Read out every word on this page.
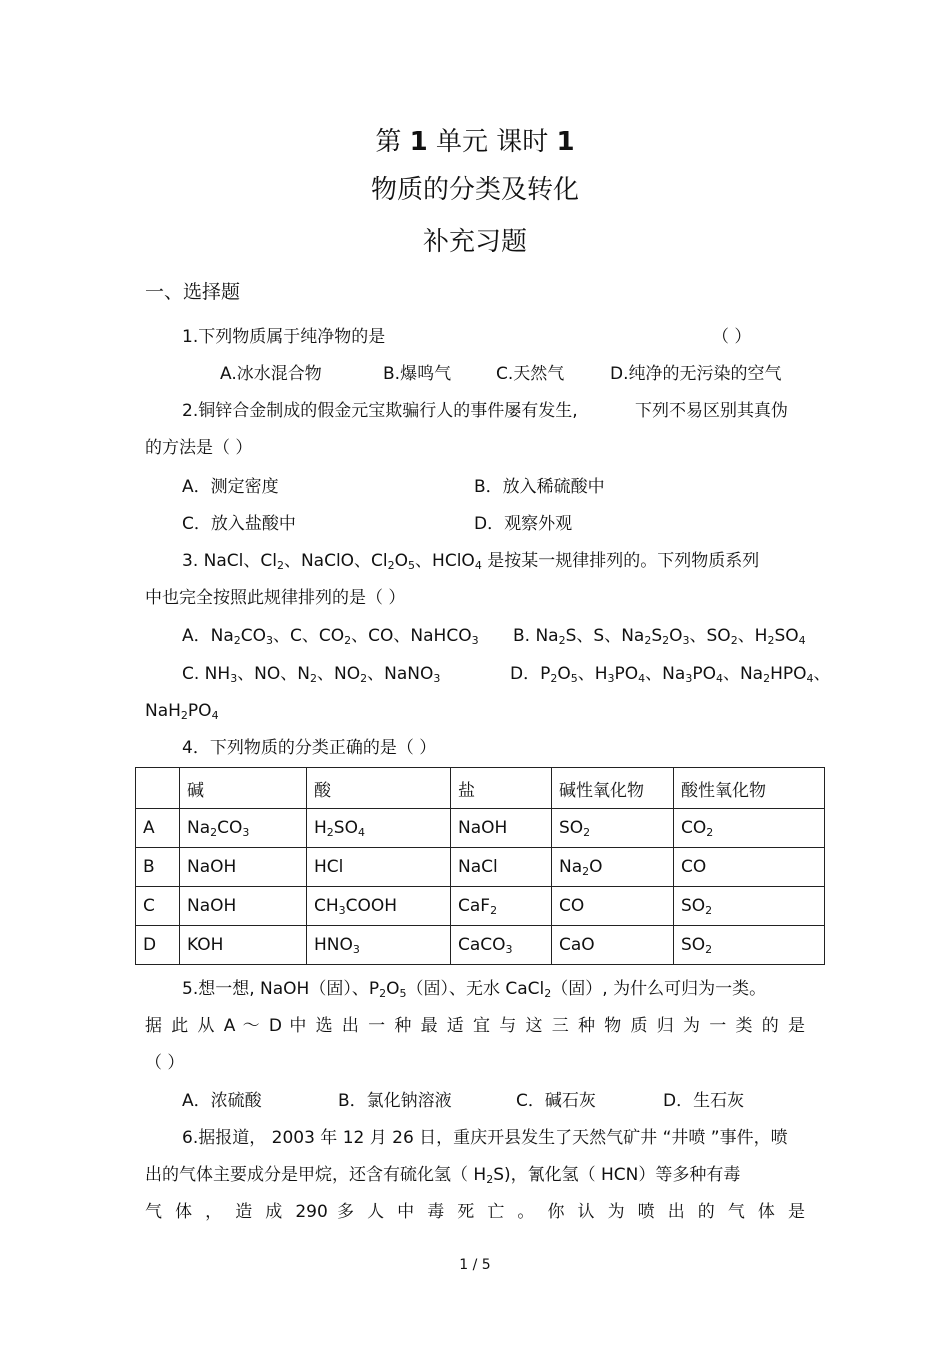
第 1 单元 课时 1
物质的分类及转化
补充习题
一、选择题
1.下列物质属于纯净物的是	（ ）
A.冰水混合物	B.爆鸣气	C.天然气	D.纯净的无污染的空气
2.铜锌合金制成的假金元宝欺骗行人的事件屡有发生,	下列不易区别其真伪
的方法是（ ）
A．测定密度	B．放入稀硫酸中
C．放入盐酸中	D．观察外观
3. NaCl、Cl2、NaClO、Cl2O5、HClO4 是按某一规律排列的。下列物质系列
中也完全按照此规律排列的是（ ）
A．Na2CO3、C、CO2、CO、NaHCO3 B. Na2S、S、Na2S2O3、SO2、H2SO4
C. NH3、NO、N2、NO2、NaNO3	D．P2O5、H3PO4、Na3PO4、Na2HPO4、
NaH2PO4
4．下列物质的分类正确的是（ ）
	碱	酸	盐	碱性氧化物	酸性氧化物
A	Na2CO3	H2SO4	NaOH	SO2	CO2
B	NaOH	HCl	NaCl	Na2O	CO
C	NaOH	CH3COOH	CaF2	CO	SO2
D	KOH	HNO3	CaCO3	CaO	SO2
5.想一想, NaOH（固）、P2O5（固）、无水 CaCl2（固）, 为什么可归为一类。
据 此 从 A ～ D 中 选 出 一 种 最 适 宜 与 这 三 种 物 质 归 为 一 类 的 是
（ ）
A．浓硫酸	B．氯化钠溶液	C．碱石灰	D．生石灰
6.据报道， 2003 年 12 月 26 日，重庆开县发生了天然气矿井 “井喷 ”事件，喷
出的气体主要成分是甲烷，还含有硫化氢（ H2S)，氰化氢（ HCN）等多种有毒
气 体 ， 造 成 290 多 人 中 毒 死 亡 。 你 认 为 喷 出 的 气 体 是
1 / 5
